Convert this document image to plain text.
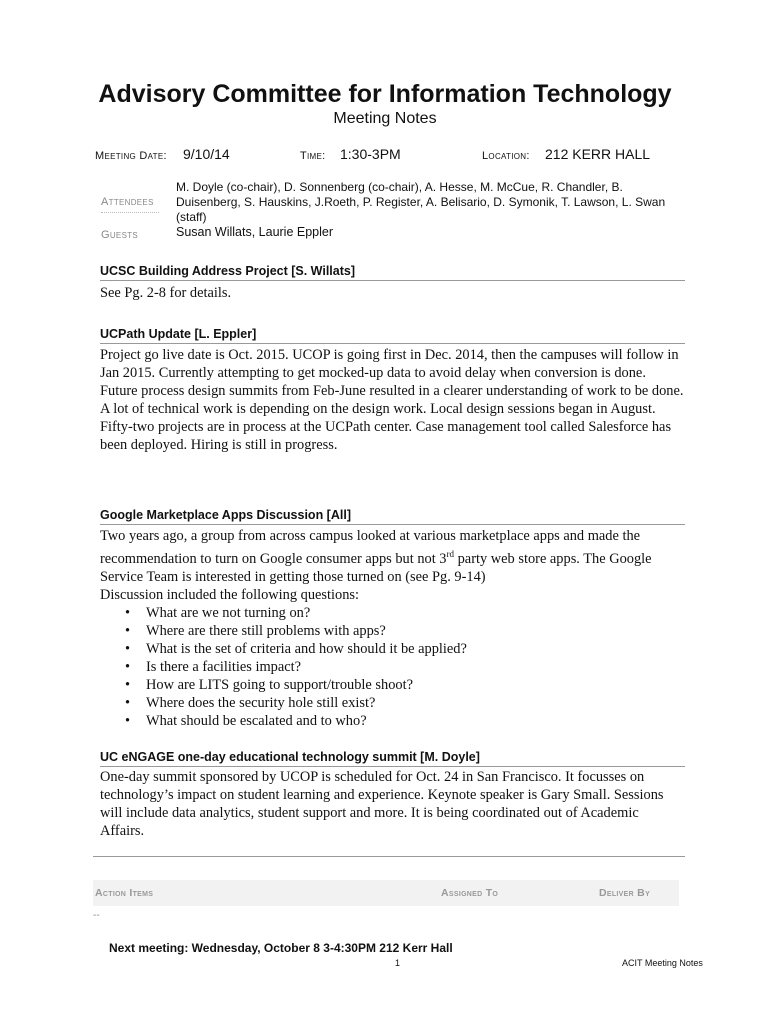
Advisory Committee for Information Technology
Meeting Notes
Meeting Date: 9/10/14	Time: 1:30-3PM	Location: 212 KERR HALL
Attendees
M. Doyle (co-chair), D. Sonnenberg (co-chair), A. Hesse, M. McCue, R. Chandler, B. Duisenberg, S. Hauskins, J.Roeth, P. Register, A. Belisario, D. Symonik, T. Lawson, L. Swan (staff)
Guests	Susan Willats, Laurie Eppler
UCSC Building Address Project [S. Willats]

See Pg. 2-8 for details.

UCPath Update [L. Eppler]

Project go live date is Oct. 2015. UCOP is going first in Dec. 2014, then the campuses will follow in Jan 2015. Currently attempting to get mocked-up data to avoid delay when conversion is done.

Future process design summits from Feb-June resulted in a clearer understanding of work to be done. A lot of technical work is depending on the design work. Local design sessions began in August.

Fifty-two projects are in process at the UCPath center. Case management tool called Salesforce has been deployed. Hiring is still in progress.

Google Marketplace Apps Discussion [All]

Two years ago, a group from across campus looked at various marketplace apps and made the recommendation to turn on Google consumer apps but not 3rd party web store apps. The Google Service Team is interested in getting those turned on (see Pg. 9-14)

Discussion included the following questions:

• What are we not turning on?
• Where are there still problems with apps?
• What is the set of criteria and how should it be applied?
• Is there a facilities impact?
• How are LITS going to support/trouble shoot?
• Where does the security hole still exist?
• What should be escalated and to who?
UC eNGAGE one-day educational technology summit [M. Doyle]

One-day summit sponsored by UCOP is scheduled for Oct. 24 in San Francisco. It focusses on technology’s impact on student learning and experience. Keynote speaker is Gary Small. Sessions will include data analytics, student support and more. It is being coordinated out of Academic Affairs.

Action Items	Assigned To	Deliver By
--
Next meeting: Wednesday, October 8 3-4:30PM 212 Kerr Hall
1	ACIT Meeting Notes
